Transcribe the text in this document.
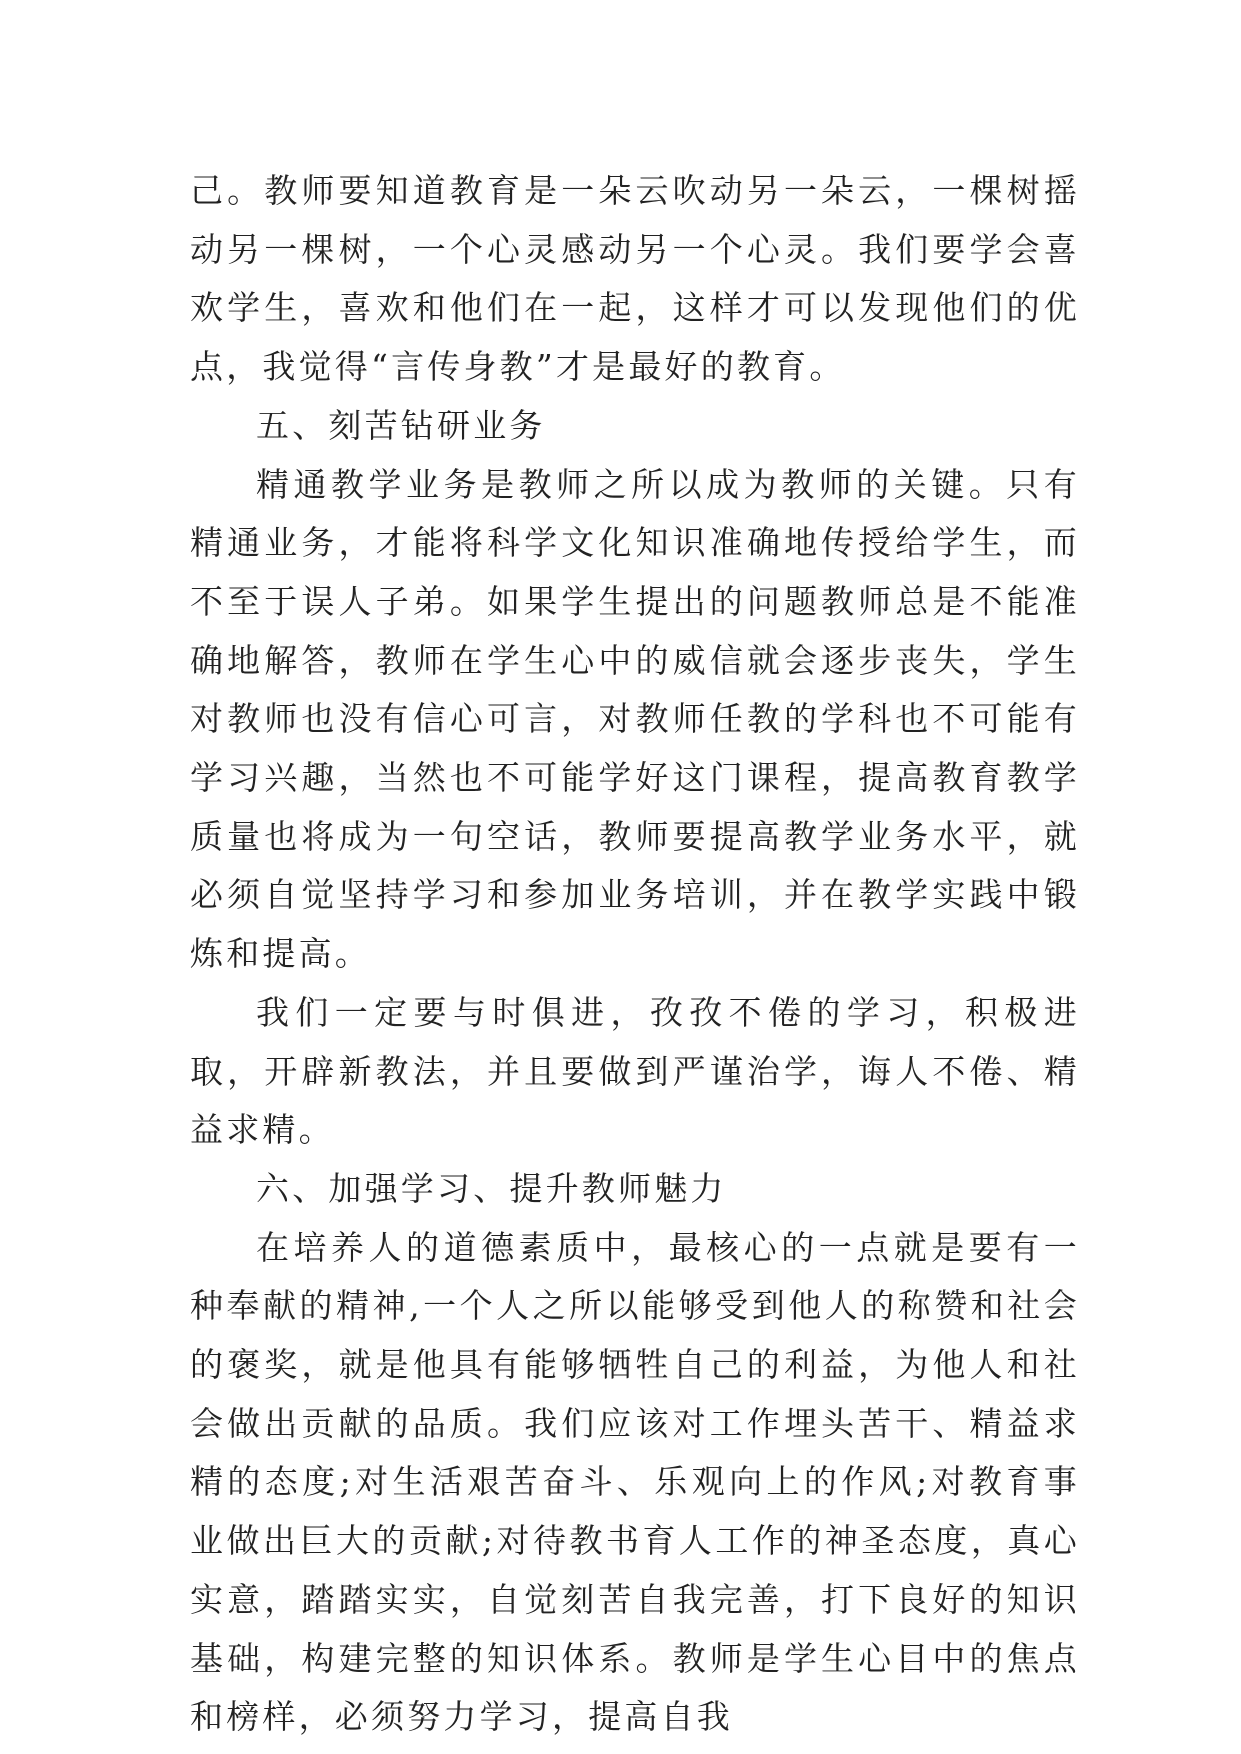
己。教师要知道教育是一朵云吹动另一朵云，一棵树摇动另一棵树，一个心灵感动另一个心灵。我们要学会喜欢学生，喜欢和他们在一起，这样才可以发现他们的优点，我觉得“言传身教”才是最好的教育。

五、刻苦钻研业务

精通教学业务是教师之所以成为教师的关键。只有精通业务，才能将科学文化知识准确地传授给学生，而不至于误人子弟。如果学生提出的问题教师总是不能准确地解答，教师在学生心中的威信就会逐步丧失，学生对教师也没有信心可言，对教师任教的学科也不可能有学习兴趣，当然也不可能学好这门课程，提高教育教学质量也将成为一句空话，教师要提高教学业务水平，就必须自觉坚持学习和参加业务培训，并在教学实践中锻炼和提高。

我们一定要与时俱进，孜孜不倦的学习，积极进取，开辟新教法，并且要做到严谨治学，诲人不倦、精益求精。

六、加强学习、提升教师魅力

在培养人的道德素质中，最核心的一点就是要有一种奉献的精神,一个人之所以能够受到他人的称赞和社会的褒奖，就是他具有能够牺牲自己的利益，为他人和社会做出贡献的品质。我们应该对工作埋头苦干、精益求精的态度;对生活艰苦奋斗、乐观向上的作风;对教育事业做出巨大的贡献;对待教书育人工作的神圣态度，真心实意，踏踏实实，自觉刻苦自我完善，打下良好的知识基础，构建完整的知识体系。教师是学生心目中的焦点和榜样，必须努力学习，提高自我
